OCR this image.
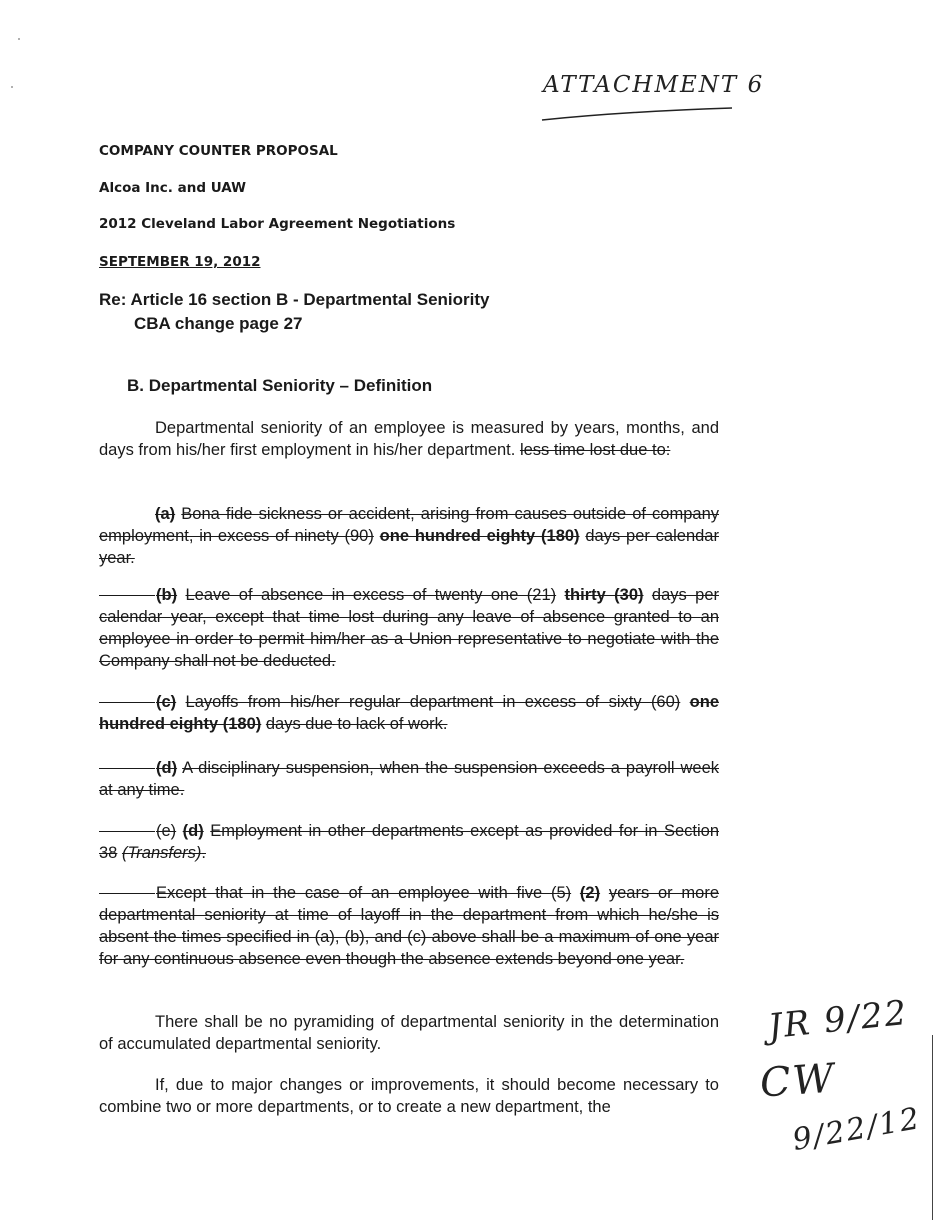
ATTACHMENT 6
COMPANY COUNTER PROPOSAL
Alcoa Inc. and UAW
2012 Cleveland Labor Agreement Negotiations
SEPTEMBER 19, 2012
Re: Article 16 section B - Departmental Seniority
CBA change page 27
B. Departmental Seniority – Definition
Departmental seniority of an employee is measured by years, months, and days from his/her first employment in his/her department. less time lost due to:
(a) Bona fide sickness or accident, arising from causes outside of company employment, in excess of ninety (90) one hundred eighty (180) days per calendar year.
(b) Leave of absence in excess of twenty one (21) thirty (30) days per calendar year, except that time lost during any leave of absence granted to an employee in order to permit him/her as a Union representative to negotiate with the Company shall not be deducted.
(c) Layoffs from his/her regular department in excess of sixty (60) one hundred eighty (180) days due to lack of work.
(d) A disciplinary suspension, when the suspension exceeds a payroll week at any time.
(e) (d) Employment in other departments except as provided for in Section 38 (Transfers).
Except that in the case of an employee with five (5) (2) years or more departmental seniority at time of layoff in the department from which he/she is absent the times specified in (a), (b), and (c) above shall be a maximum of one year for any continuous absence even though the absence extends beyond one year.
There shall be no pyramiding of departmental seniority in the determination of accumulated departmental seniority.
If, due to major changes or improvements, it should become necessary to combine two or more departments, or to create a new department, the
JR 9/22
CW
9/22/12
